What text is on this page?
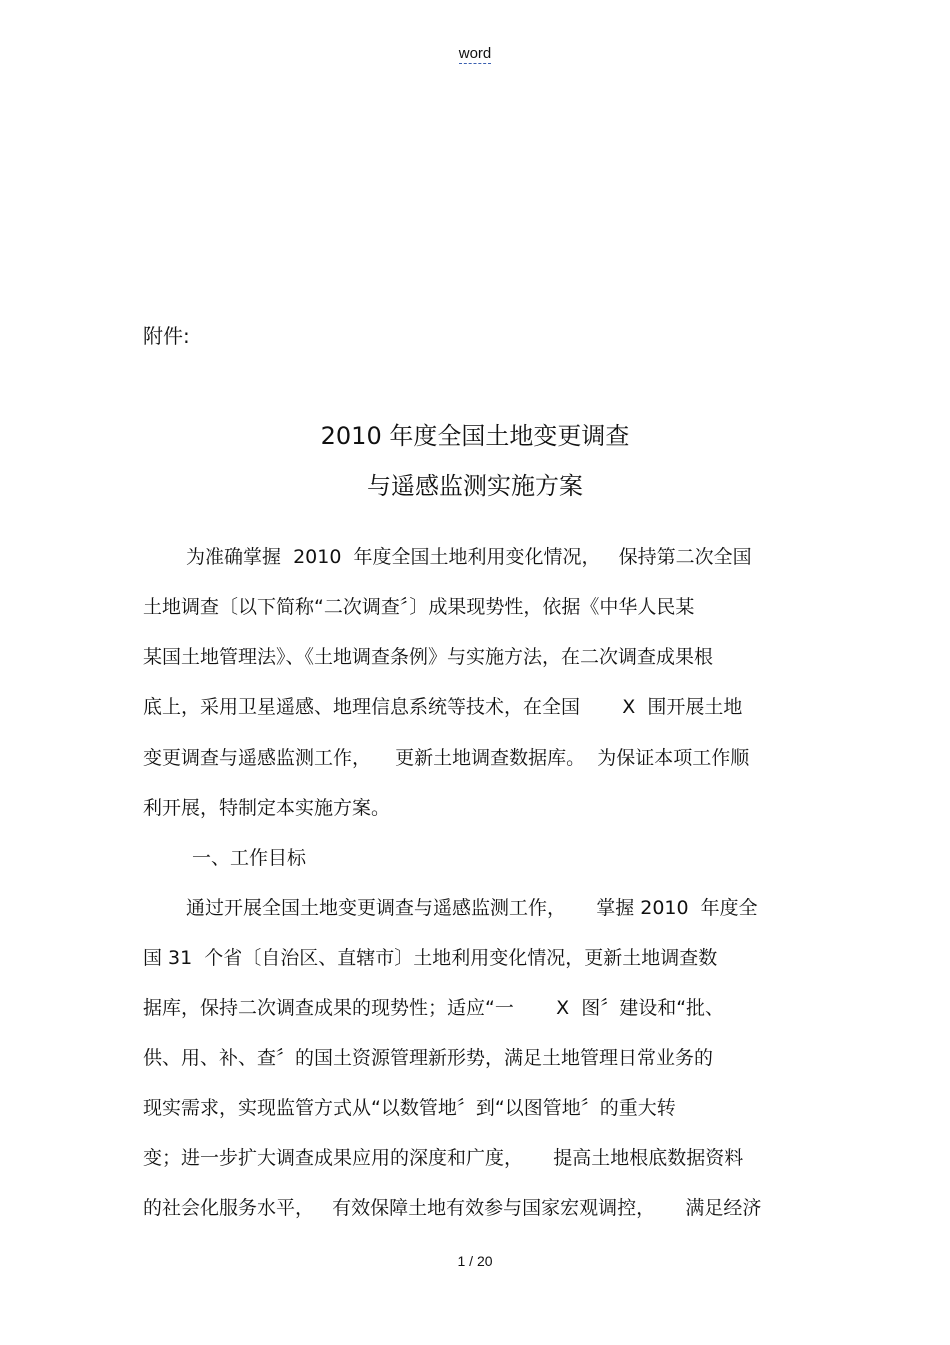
word
附件:
2010 年度全国土地变更调查
与遥感监测实施方案
为准确掌握  2010  年度全国土地利用变化情况，   保持第二次全国
土地调查〔以下简称“二次调查〞〕成果现势性，依据《中华人民某
某国土地管理法》、《土地调查条例》与实施方法，在二次调查成果根
底上，采用卫星遥感、地理信息系统等技术，在全国       X  围开展土地
变更调查与遥感监测工作，    更新土地调查数据库。  为保证本项工作顺
利开展，特制定本实施方案。
一、工作目标
通过开展全国土地变更调查与遥感监测工作，     掌握 2010  年度全
国 31  个省〔自治区、直辖市〕土地利用变化情况，更新土地调查数
据库，保持二次调查成果的现势性；适应“一       X  图〞建设和“批、
供、用、补、查〞的国土资源管理新形势，满足土地管理日常业务的
现实需求，实现监管方式从“以数管地〞到“以图管地〞的重大转
变；进一步扩大调查成果应用的深度和广度，     提高土地根底数据资料
的社会化服务水平，   有效保障土地有效参与国家宏观调控，     满足经济
1 / 20
